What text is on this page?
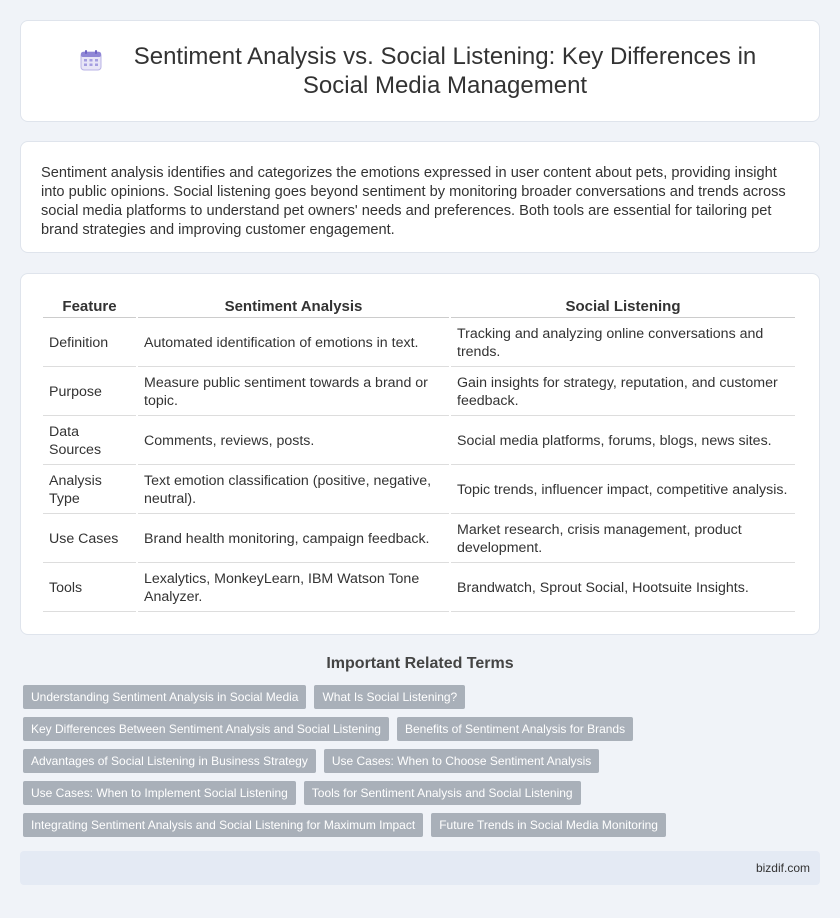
Sentiment Analysis vs. Social Listening: Key Differences in Social Media Management

Sentiment analysis identifies and categorizes the emotions expressed in user content about pets, providing insight into public opinions. Social listening goes beyond sentiment by monitoring broader conversations and trends across social media platforms to understand pet owners' needs and preferences. Both tools are essential for tailoring pet brand strategies and improving customer engagement.

Feature	Sentiment Analysis	Social Listening
Definition	Automated identification of emotions in text.	Tracking and analyzing online conversations and trends.
Purpose	Measure public sentiment towards a brand or topic.	Gain insights for strategy, reputation, and customer feedback.
Data Sources	Comments, reviews, posts.	Social media platforms, forums, blogs, news sites.
Analysis Type	Text emotion classification (positive, negative, neutral).	Topic trends, influencer impact, competitive analysis.
Use Cases	Brand health monitoring, campaign feedback.	Market research, crisis management, product development.
Tools	Lexalytics, MonkeyLearn, IBM Watson Tone Analyzer.	Brandwatch, Sprout Social, Hootsuite Insights.
Important Related Terms
Understanding Sentiment Analysis in Social Media	What Is Social Listening?
Key Differences Between Sentiment Analysis and Social Listening	Benefits of Sentiment Analysis for Brands
Advantages of Social Listening in Business Strategy	Use Cases: When to Choose Sentiment Analysis
Use Cases: When to Implement Social Listening	Tools for Sentiment Analysis and Social Listening
Integrating Sentiment Analysis and Social Listening for Maximum Impact	Future Trends in Social Media Monitoring
bizdif.com
